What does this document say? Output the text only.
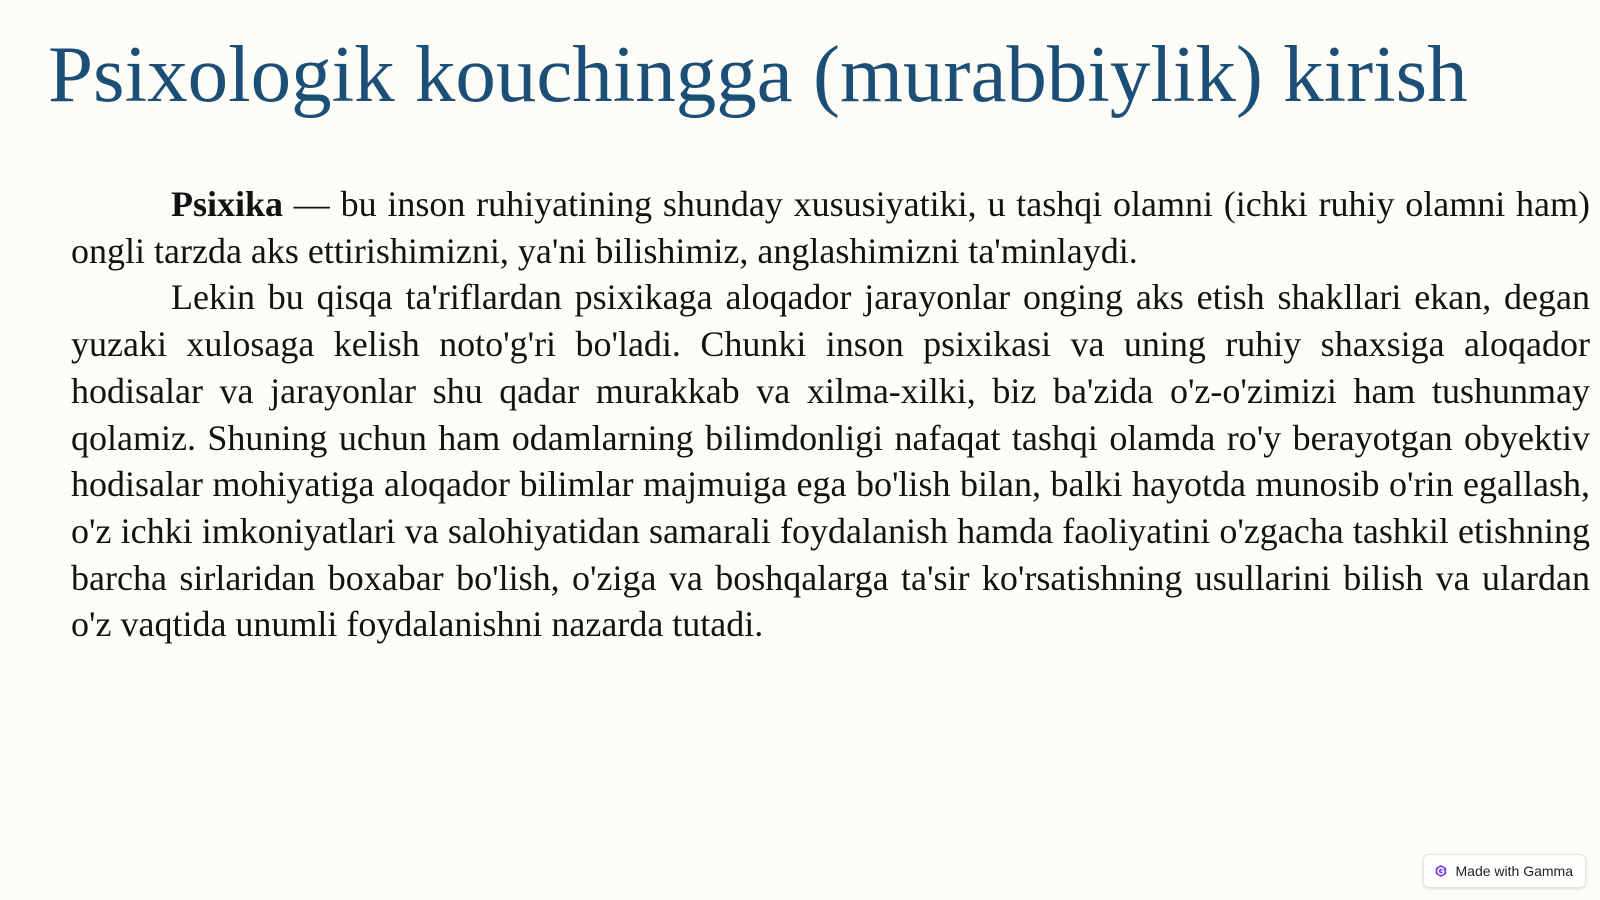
Psixologik kouchingga (murabbiylik) kirish

Psixika — bu inson ruhiyatining shunday xususiyatiki, u tashqi olamni (ichki ruhiy olamni ham) ongli tarzda aks ettirishimizni, ya'ni bilishimiz, anglashimizni ta'minlaydi.

Lekin bu qisqa ta'riflardan psixikaga aloqador jarayonlar onging aks etish shakllari ekan, degan yuzaki xulosaga kelish noto'g'ri bo'ladi. Chunki inson psixikasi va uning ruhiy shaxsiga aloqador hodisalar va jarayonlar shu qadar murakkab va xilma-xilki, biz ba'zida o'z-o'zimizi ham tushunmay qolamiz. Shuning uchun ham odamlarning bilimdonligi nafaqat tashqi olamda ro'y berayotgan obyektiv hodisalar mohiyatiga aloqador bilimlar majmuiga ega bo'lish bilan, balki hayotda munosib o'rin egallash, o'z ichki imkoniyatlari va salohiyatidan samarali foydalanish hamda faoliyatini o'zgacha tashkil etishning barcha sirlaridan boxabar bo'lish, o'ziga va boshqalarga ta'sir ko'rsatishning usullarini bilish va ulardan o'z vaqtida unumli foydalanishni nazarda tutadi.

Made with Gamma
